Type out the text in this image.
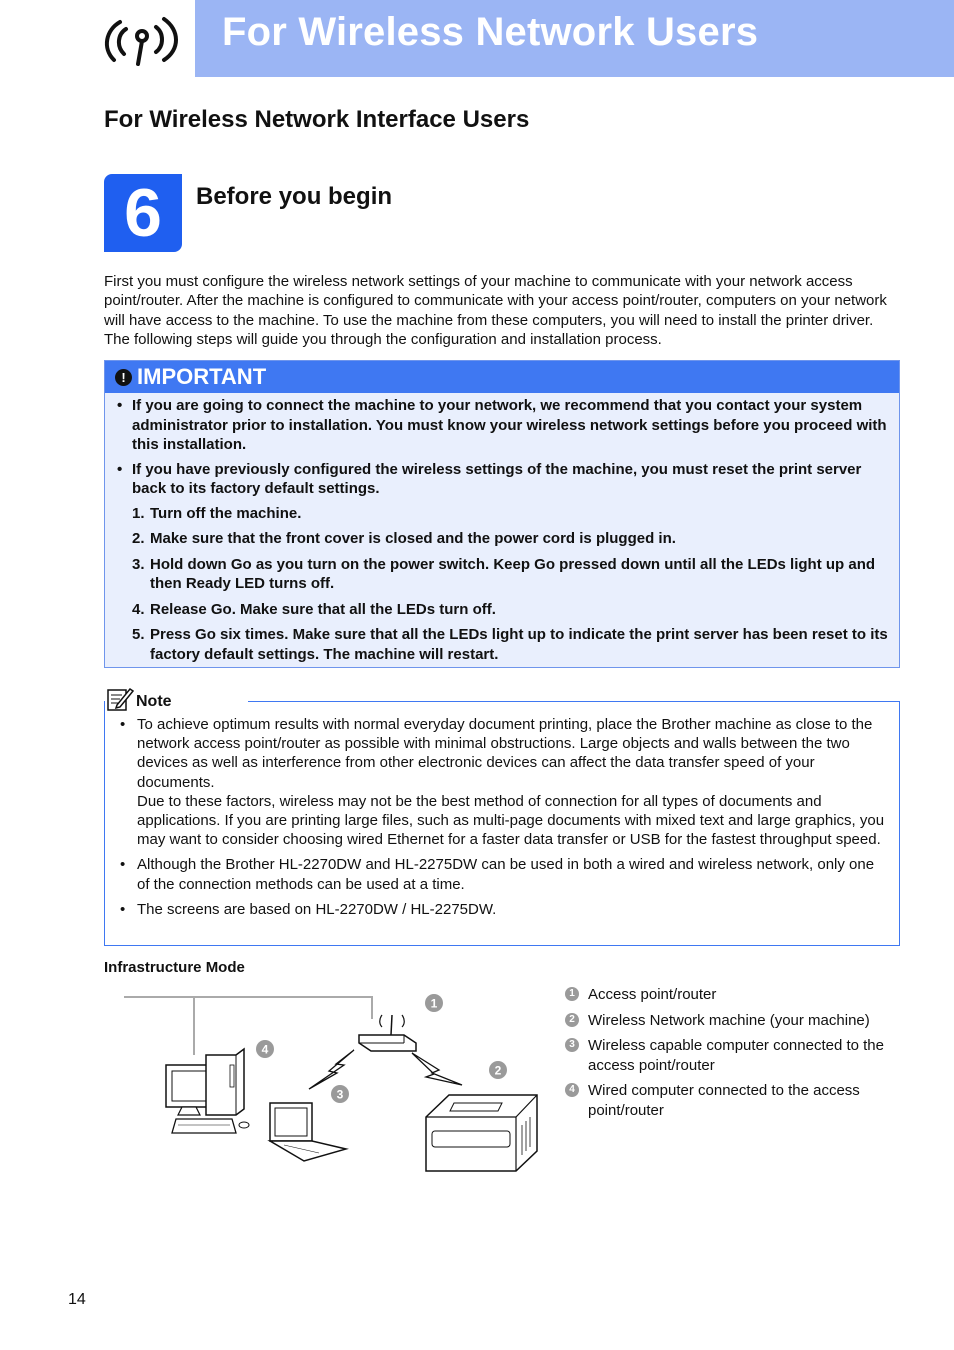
For Wireless Network Users
For Wireless Network Interface Users
6 Before you begin

First you must configure the wireless network settings of your machine to communicate with your network access point/router. After the machine is configured to communicate with your access point/router, computers on your network will have access to the machine. To use the machine from these computers, you will need to install the printer driver. The following steps will guide you through the configuration and installation process.

! IMPORTANT
• If you are going to connect the machine to your network, we recommend that you contact your system administrator prior to installation. You must know your wireless network settings before you proceed with this installation.
• If you have previously configured the wireless settings of the machine, you must reset the print server back to its factory default settings.
1. Turn off the machine.
2. Make sure that the front cover is closed and the power cord is plugged in.
3. Hold down Go as you turn on the power switch. Keep Go pressed down until all the LEDs light up and then Ready LED turns off.
4. Release Go. Make sure that all the LEDs turn off.
5. Press Go six times. Make sure that all the LEDs light up to indicate the print server has been reset to its factory default settings. The machine will restart.
Note
• To achieve optimum results with normal everyday document printing, place the Brother machine as close to the network access point/router as possible with minimal obstructions. Large objects and walls between the two devices as well as interference from other electronic devices can affect the data transfer speed of your documents.
Due to these factors, wireless may not be the best method of connection for all types of documents and applications. If you are printing large files, such as multi-page documents with mixed text and large graphics, you may want to consider choosing wired Ethernet for a faster data transfer or USB for the fastest throughput speed.
• Although the Brother HL-2270DW and HL-2275DW can be used in both a wired and wireless network, only one of the connection methods can be used at a time.
• The screens are based on HL-2270DW / HL-2275DW.
Infrastructure Mode
1
2
3
4
1 Access point/router
2 Wireless Network machine (your machine)
3 Wireless capable computer connected to the access point/router
4 Wired computer connected to the access point/router
14
